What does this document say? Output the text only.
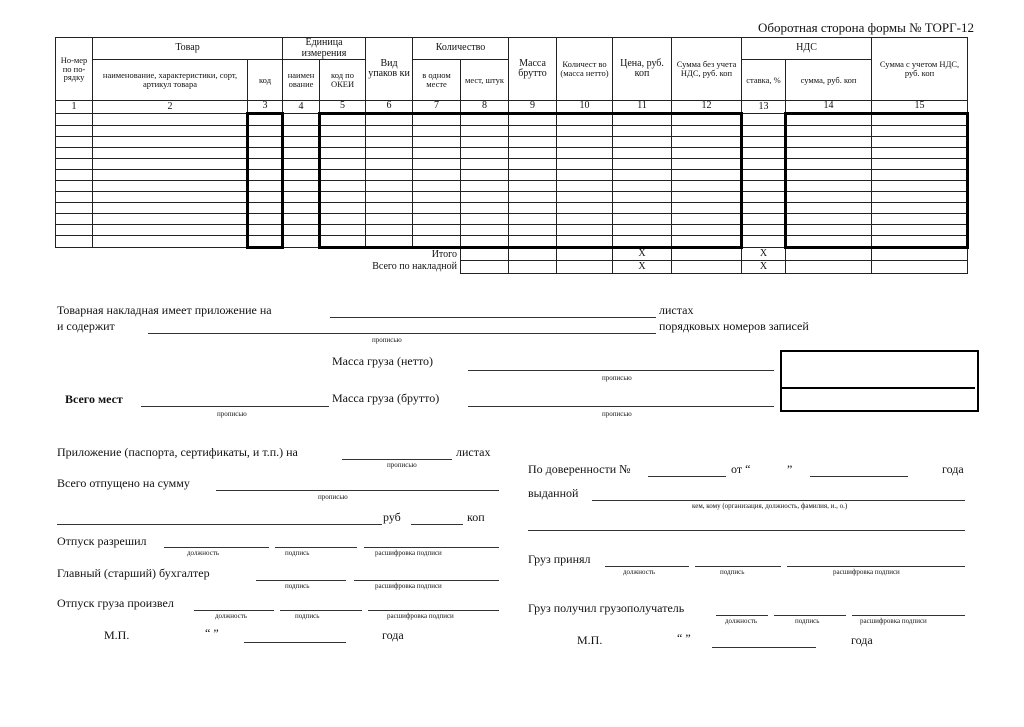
Оборотная сторона формы № ТОРГ-12
Но-мер по по-рядку	Товар		Единица измерения		Вид упаков ки	Количество		Масса брутто	Количест во (масса нетто)	Цена, руб. коп	Сумма без учета НДС, руб. коп	НДС		Сумма с учетом НДС, руб. коп
	наименование, характеристики, сорт, артикул товара	код	наимен ование	код по ОКЕИ		в одном месте	мест, штук					ставка, %	сумма, руб. коп	
1	2	3	4	5	6	7	8	9	10	11	12	13	14	15

Итого										X		X		
Всего по накладной										X		X		
Товарная накладная имеет приложение на	листах
и содержит	порядковых номеров записей
прописью
Масса груза (нетто)
прописью
Всего мест
прописью
Масса груза (брутто)
прописью
Приложение (паспорта, сертификаты, и т.п.) на
прописью
листах
Всего отпущено на сумму
прописью
руб	коп
Отпуск разрешил
должность	подпись	расшифровка подписи
Главный (старший) бухгалтер
подпись	расшифровка подписи
Отпуск груза произвел
должность	подпись	расшифровка подписи
М.П.	“ ”	года
По доверенности №	от “	”	года
выданной
кем, кому (организация, должность, фамилия, и., о.)
Груз принял
должность	подпись	расшифровка подписи
Груз получил грузополучатель
должность	подпись	расшифровка подписи
М.П.	“ ”	года
